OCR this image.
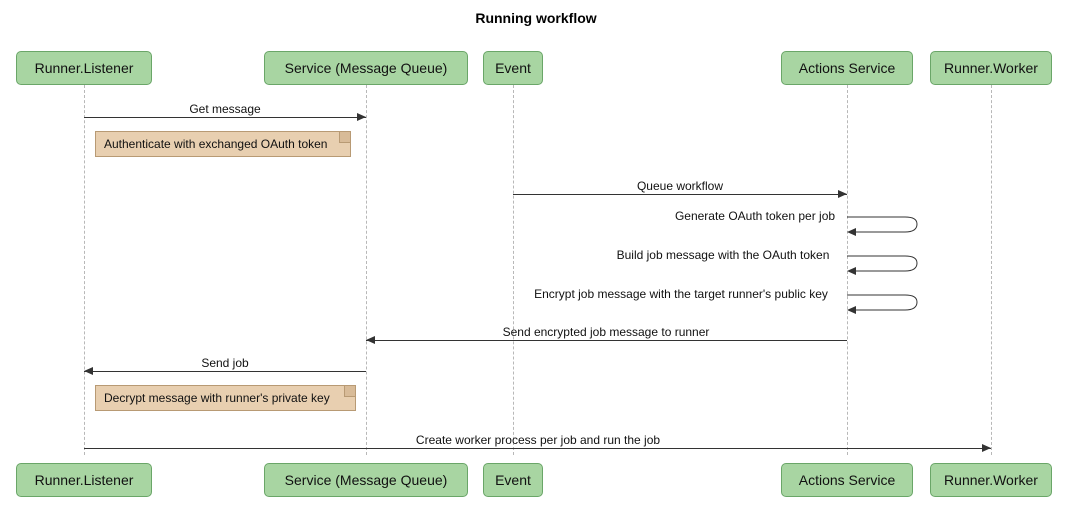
Running workflow
Runner.Listener	Service (Message Queue)	Event	Actions Service	Runner.Worker
Runner.Listener	Service (Message Queue)	Event	Actions Service	Runner.Worker
Get message
Authenticate with exchanged OAuth token
Queue workflow
Generate OAuth token per job
Build job message with the OAuth token
Encrypt job message with the target runner's public key
Send encrypted job message to runner
Send job
Decrypt message with runner's private key
Create worker process per job and run the job
